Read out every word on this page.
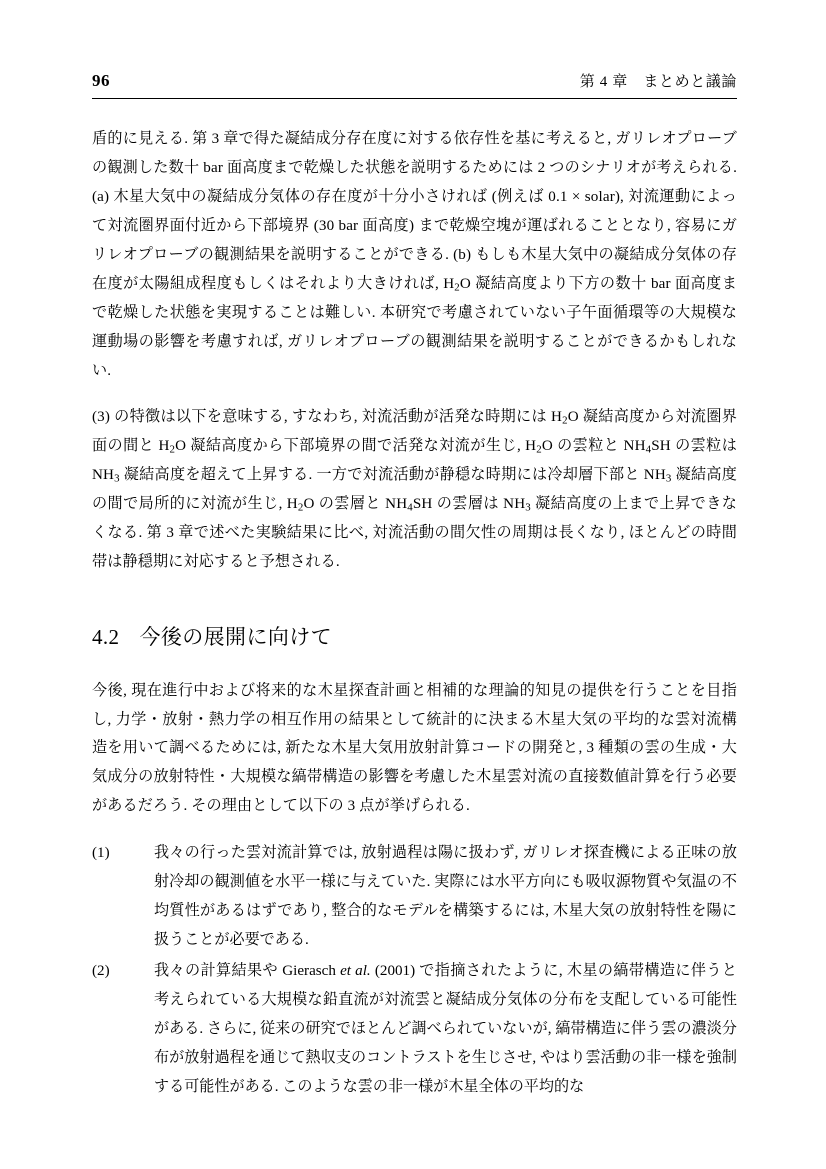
96	第 4 章　まとめと議論

盾的に見える. 第 3 章で得た凝結成分存在度に対する依存性を基に考えると, ガリレオプローブの観測した数十 bar 面高度まで乾燥した状態を説明するためには 2 つのシナリオが考えられる. (a) 木星大気中の凝結成分気体の存在度が十分小さければ (例えば 0.1 × solar), 対流運動によって対流圏界面付近から下部境界 (30 bar 面高度) まで乾燥空塊が運ばれることとなり, 容易にガリレオプローブの観測結果を説明することができる. (b) もしも木星大気中の凝結成分気体の存在度が太陽組成程度もしくはそれより大きければ, $H_2O$ 凝結高度より下方の数十 bar 面高度まで乾燥した状態を実現することは難しい. 本研究で考慮されていない子午面循環等の大規模な運動場の影響を考慮すれば, ガリレオプローブの観測結果を説明することができるかもしれない.

(3) の特徴は以下を意味する, すなわち, 対流活動が活発な時期には $H_2O$ 凝結高度から対流圏界面の間と $H_2O$ 凝結高度から下部境界の間で活発な対流が生じ, $H_2O$ の雲粒と $NH_4SH$ の雲粒は $NH_3$ 凝結高度を超えて上昇する. 一方で対流活動が静穏な時期には冷却層下部と $NH_3$ 凝結高度の間で局所的に対流が生じ, $H_2O$ の雲層と $NH_4SH$ の雲層は $NH_3$ 凝結高度の上まで上昇できなくなる. 第 3 章で述べた実験結果に比べ, 対流活動の間欠性の周期は長くなり, ほとんどの時間帯は静穏期に対応すると予想される.

4.2 今後の展開に向けて

今後, 現在進行中および将来的な木星探査計画と相補的な理論的知見の提供を行うことを目指し, 力学・放射・熱力学の相互作用の結果として統計的に決まる木星大気の平均的な雲対流構造を用いて調べるためには, 新たな木星大気用放射計算コードの開発と, 3 種類の雲の生成・大気成分の放射特性・大規模な縞帯構造の影響を考慮した木星雲対流の直接数値計算を行う必要があるだろう. その理由として以下の 3 点が挙げられる.

(1)	我々の行った雲対流計算では, 放射過程は陽に扱わず, ガリレオ探査機による正味の放射冷却の観測値を水平一様に与えていた. 実際には水平方向にも吸収源物質や気温の不均質性があるはずであり, 整合的なモデルを構築するには, 木星大気の放射特性を陽に扱うことが必要である.
(2)	我々の計算結果や Gierasch et al. (2001) で指摘されたように, 木星の縞帯構造に伴うと考えられている大規模な鉛直流が対流雲と凝結成分気体の分布を支配している可能性がある. さらに, 従来の研究でほとんど調べられていないが, 縞帯構造に伴う雲の濃淡分布が放射過程を通じて熱収支のコントラストを生じさせ, やはり雲活動の非一様を強制する可能性がある. このような雲の非一様が木星全体の平均的な
